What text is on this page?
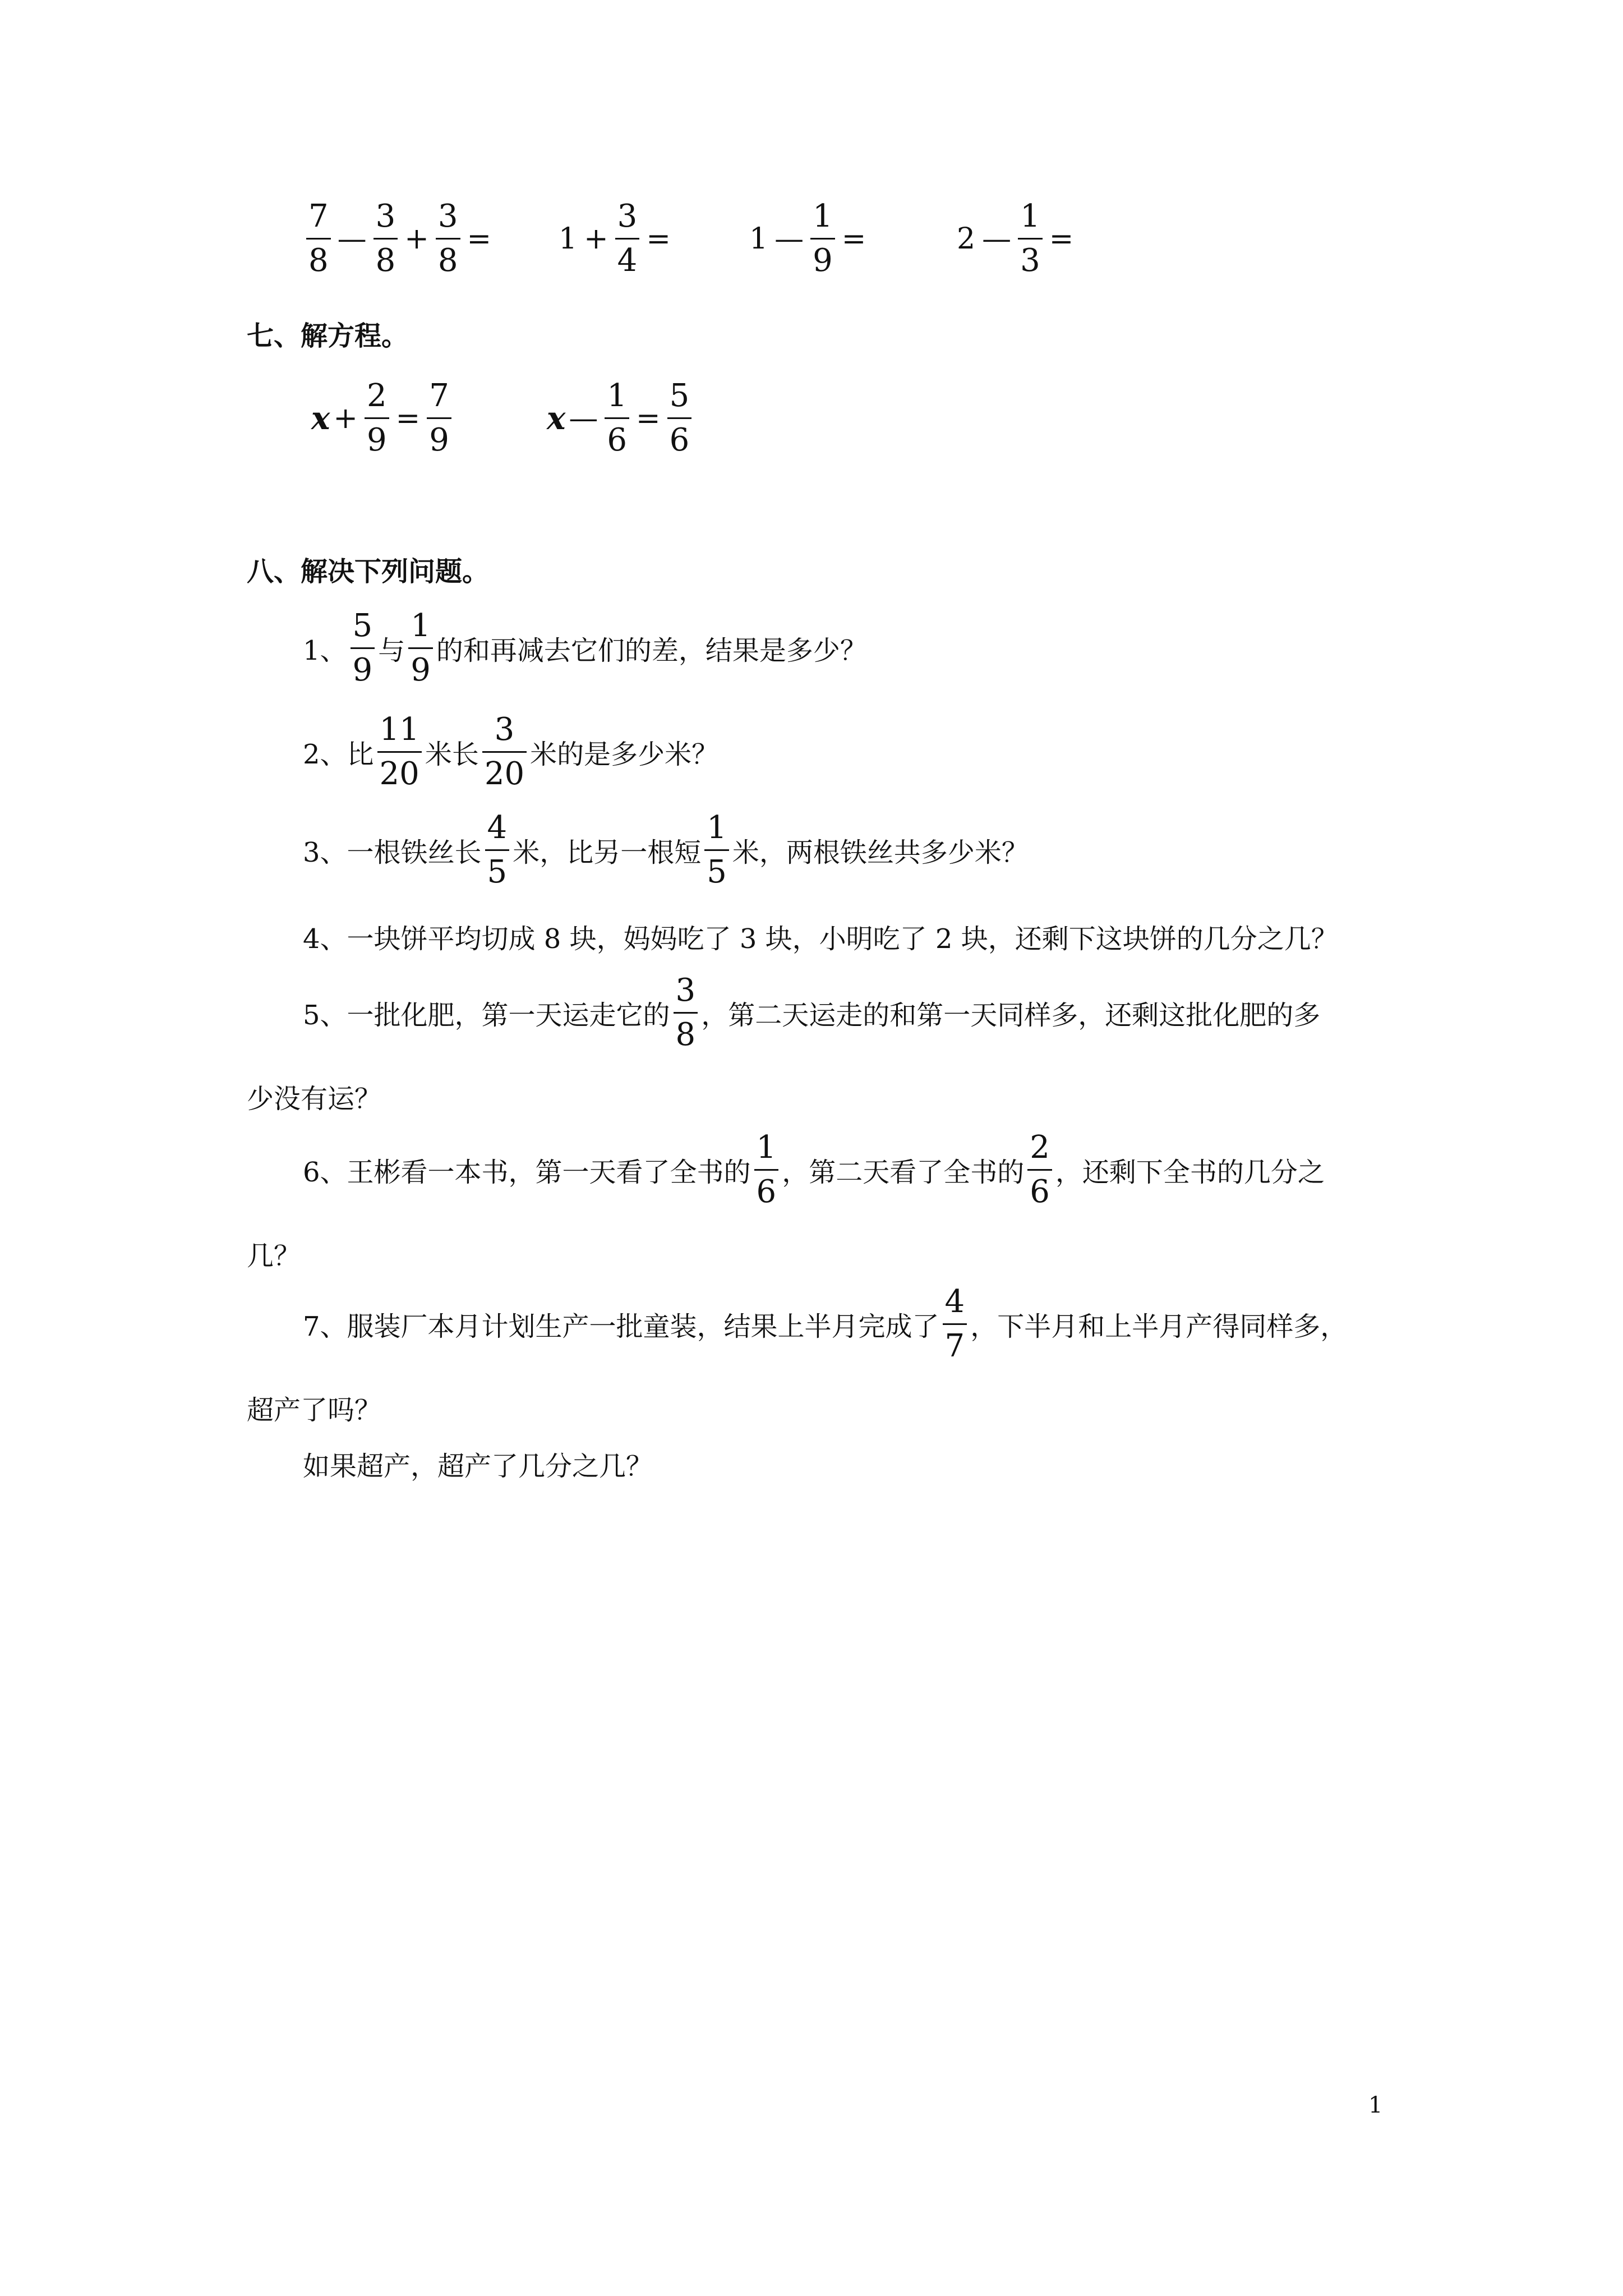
$\frac{7}{8}$ — $\frac{3}{8} + \frac{3}{8} = 1 + \frac{3}{4}$ =	1 — $\frac{1}{9}$ =	2 — $\frac{1}{3}$ =
七、解方程。
$x + \frac{2}{9} = \frac{7}{9}$	x — $\frac{1}{6} = \frac{5}{6}$
八、解决下列问题。
1、 $\frac{5}{9}$ 与 $\frac{1}{9}$ 的和再减去它们的差，结果是多少？
2、比 $\frac{11}{20}$ 米长 $\frac{3}{20}$ 米的是多少米？
3、一根铁丝长 $\frac{4}{5}$ 米，比另一根短 $\frac{1}{5}$ 米，两根铁丝共多少米？
4、一块饼平均切成 8 块，妈妈吃了 3 块，小明吃了 2 块，还剩下这块饼的几分之几？
5、一批化肥，第一天运走它的 $\frac{3}{8}$ ，第二天运走的和第一天同样多，还剩这批化肥的多
少没有运？
6、王彬看一本书，第一天看了全书的 $\frac{1}{6}$ ，第二天看了全书的 $\frac{2}{6}$ ，还剩下全书的几分之
几？
7、服装厂本月计划生产一批童装，结果上半月完成了 $\frac{4}{7}$ ，下半月和上半月产得同样多，
超产了吗？
如果超产，超产了几分之几？
1
